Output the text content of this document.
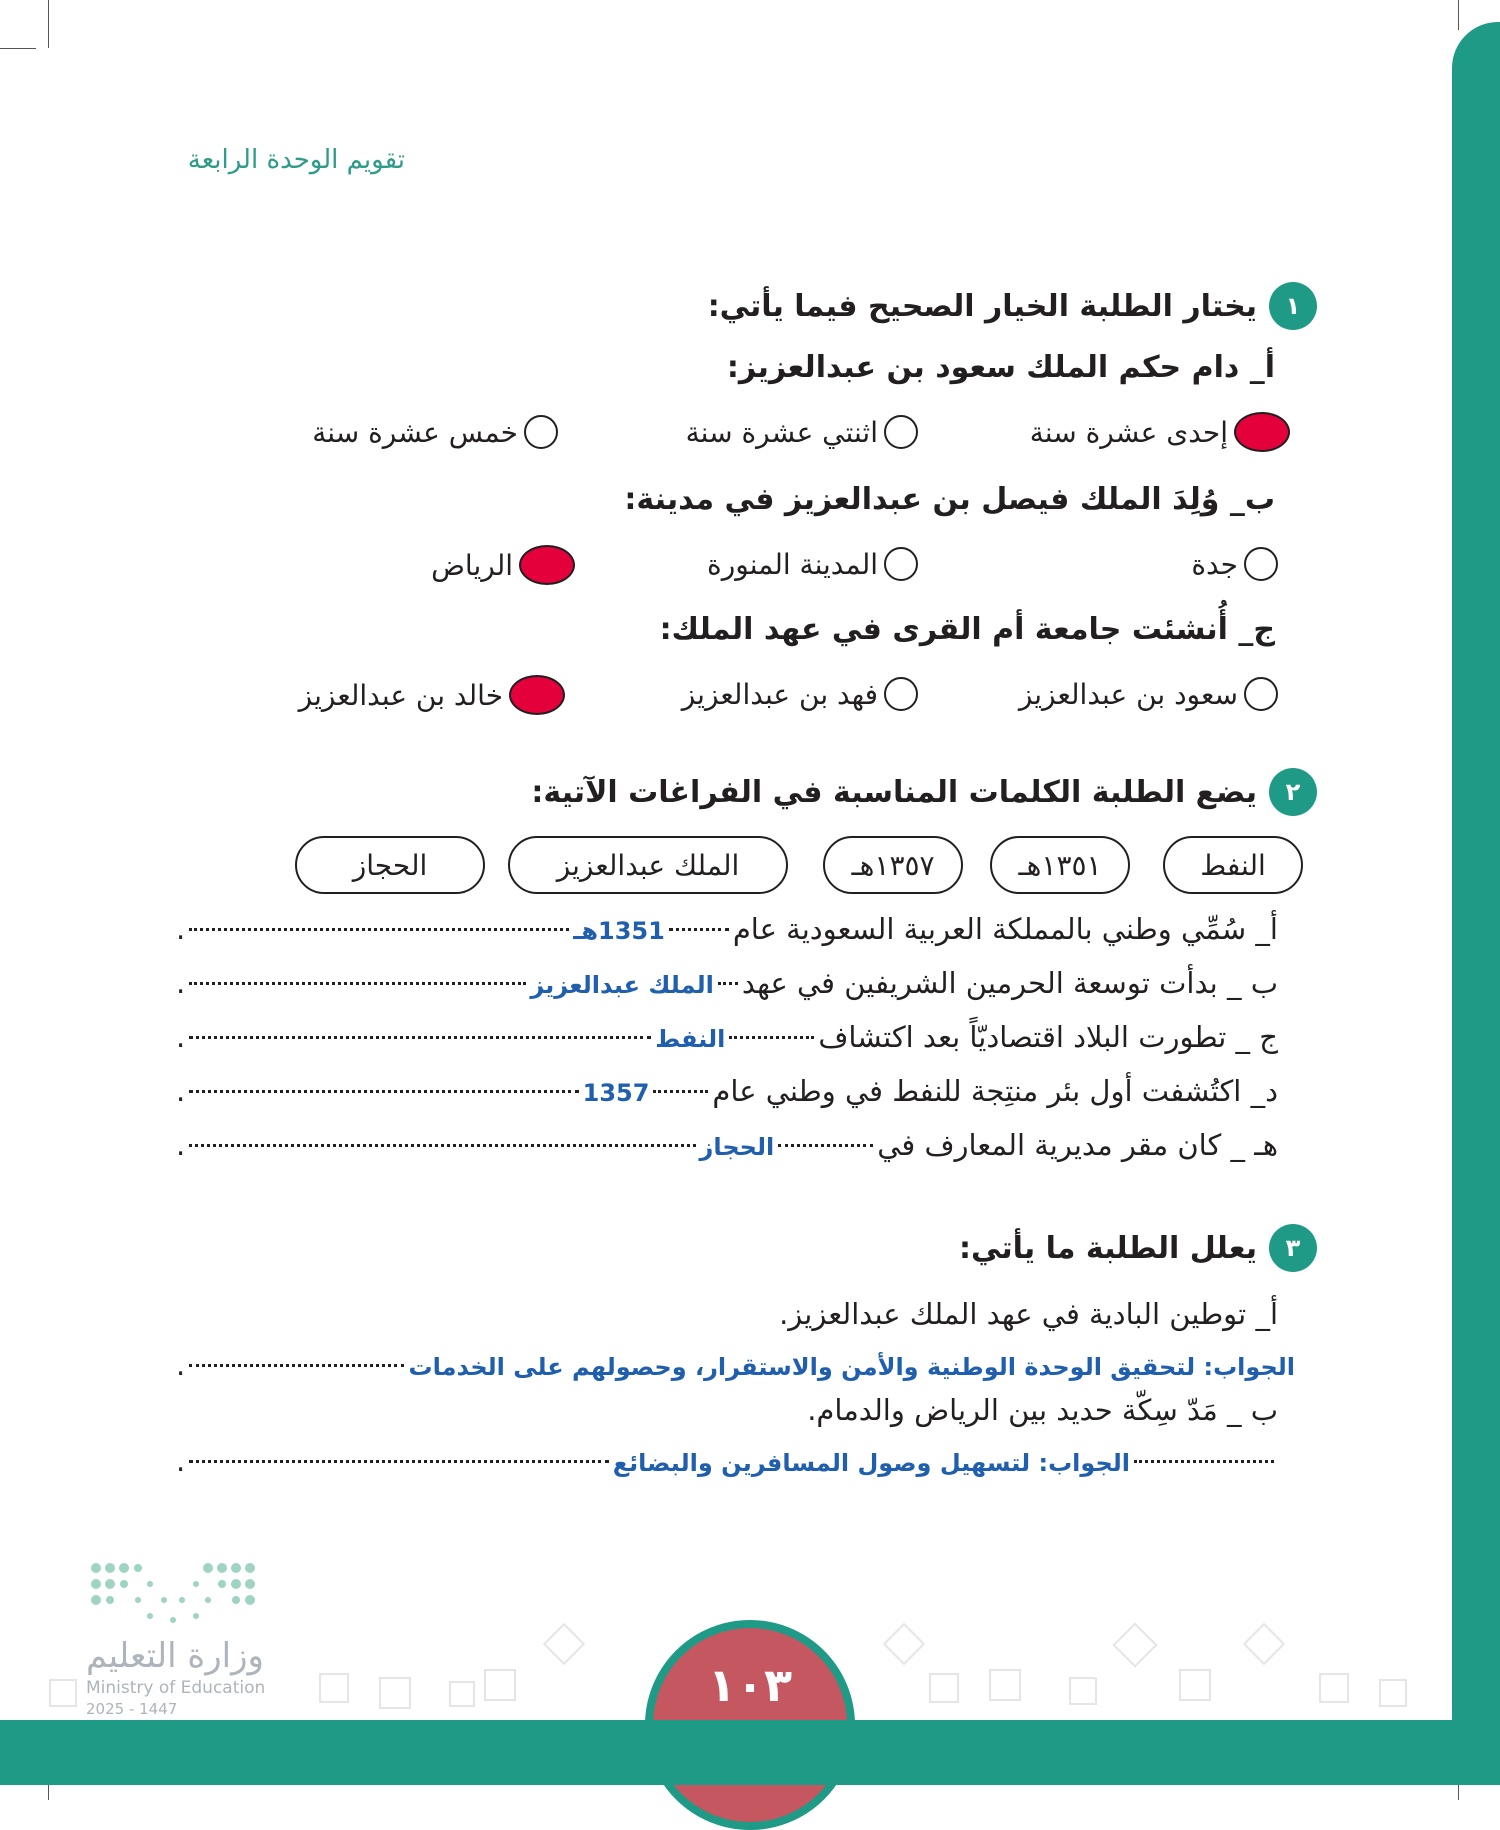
تقويم الوحدة الرابعة
١
يختار الطلبة الخيار الصحيح فيما يأتي:
أ_ دام حكم الملك سعود بن عبدالعزيز:
إحدى عشرة سنة
اثنتي عشرة سنة
خمس عشرة سنة
ب_ وُلِدَ الملك فيصل بن عبدالعزيز في مدينة:
جدة
المدينة المنورة
الرياض
ج_ أُنشئت جامعة أم القرى في عهد الملك:
سعود بن عبدالعزيز
فهد بن عبدالعزيز
خالد بن عبدالعزيز
٢
يضع الطلبة الكلمات المناسبة في الفراغات الآتية:
النفط
١٣٥١هـ
١٣٥٧هـ
الملك عبدالعزيز
الحجاز
أ_ سُمِّي وطني بالمملكة العربية السعودية عام
1351هـ
.
ب _ بدأت توسعة الحرمين الشريفين في عهد
الملك عبدالعزيز
.
ج _ تطورت البلاد اقتصاديّاً بعد اكتشاف
النفط
.
د_ اكتُشفت أول بئر منتِجة للنفط في وطني عام
1357
.
هـ _ كان مقر مديرية المعارف في
الحجاز
.
٣
يعلل الطلبة ما يأتي:
أ_ توطين البادية في عهد الملك عبدالعزيز.
الجواب: لتحقيق الوحدة الوطنية والأمن والاستقرار، وحصولهم على الخدمات
.
ب _ مَدّ سِكّة حديد بين الرياض والدمام.
الجواب: لتسهيل وصول المسافرين والبضائع
.
وزارة التعليم
Ministry of Education
2025 - 1447	١٠٣
